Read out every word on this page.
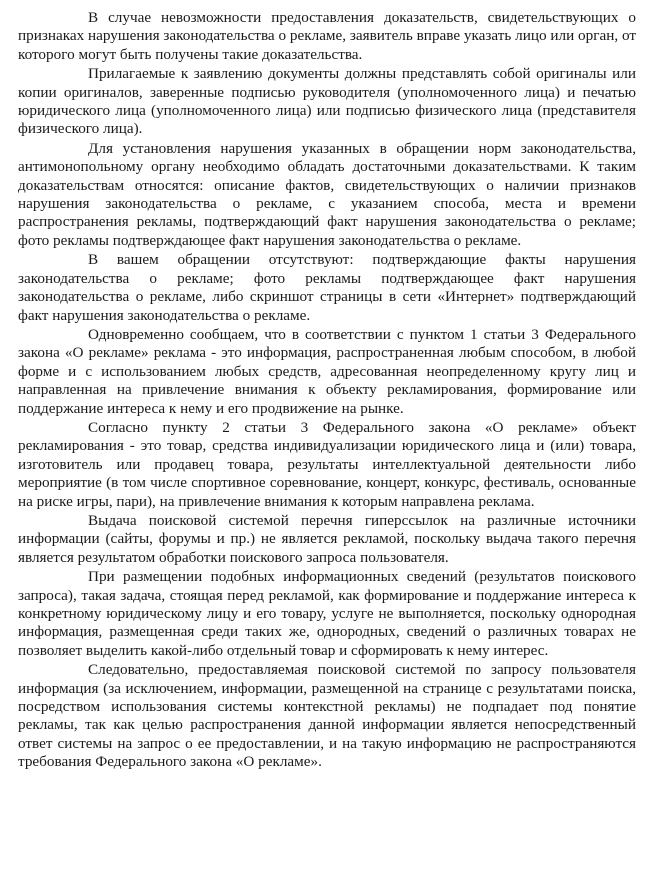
В случае невозможности предоставления доказательств, свидетельствующих о признаках нарушения законодательства о рекламе, заявитель вправе указать лицо или орган, от которого могут быть получены такие доказательства.

Прилагаемые к заявлению документы должны представлять собой оригиналы или копии оригиналов, заверенные подписью руководителя (уполномоченного лица) и печатью юридического лица (уполномоченного лица) или подписью физического лица (представителя физического лица).

Для установления нарушения указанных в обращении норм законодательства, антимонопольному органу необходимо обладать достаточными доказательствами. К таким доказательствам относятся: описание фактов, свидетельствующих о наличии признаков нарушения законодательства о рекламе, с указанием способа, места и времени распространения рекламы, подтверждающий факт нарушения законодательства о рекламе; фото рекламы подтверждающее факт нарушения законодательства о рекламе.

В вашем обращении отсутствуют: подтверждающие факты нарушения законодательства о рекламе; фото рекламы подтверждающее факт нарушения законодательства о рекламе, либо скриншот страницы в сети «Интернет» подтверждающий факт нарушения законодательства о рекламе.

Одновременно сообщаем, что в соответствии с пунктом 1 статьи 3 Федерального закона «О рекламе» реклама - это информация, распространенная любым способом, в любой форме и с использованием любых средств, адресованная неопределенному кругу лиц и направленная на привлечение внимания к объекту рекламирования, формирование или поддержание интереса к нему и его продвижение на рынке.

Согласно пункту 2 статьи 3 Федерального закона «О рекламе» объект рекламирования - это товар, средства индивидуализации юридического лица и (или) товара, изготовитель или продавец товара, результаты интеллектуальной деятельности либо мероприятие (в том числе спортивное соревнование, концерт, конкурс, фестиваль, основанные на риске игры, пари), на привлечение внимания к которым направлена реклама.

Выдача поисковой системой перечня гиперссылок на различные источники информации (сайты, форумы и пр.) не является рекламой, поскольку выдача такого перечня является результатом обработки поискового запроса пользователя.

При размещении подобных информационных сведений (результатов поискового запроса), такая задача, стоящая перед рекламой, как формирование и поддержание интереса к конкретному юридическому лицу и его товару, услуге не выполняется, поскольку однородная информация, размещенная среди таких же, однородных, сведений о различных товарах не позволяет выделить какой-либо отдельный товар и сформировать к нему интерес.

Следовательно, предоставляемая поисковой системой по запросу пользователя информация (за исключением, информации, размещенной на странице с результатами поиска, посредством использования системы контекстной рекламы) не подпадает под понятие рекламы, так как целью распространения данной информации является непосредственный ответ системы на запрос о ее предоставлении, и на такую информацию не распространяются требования Федерального закона «О рекламе».
